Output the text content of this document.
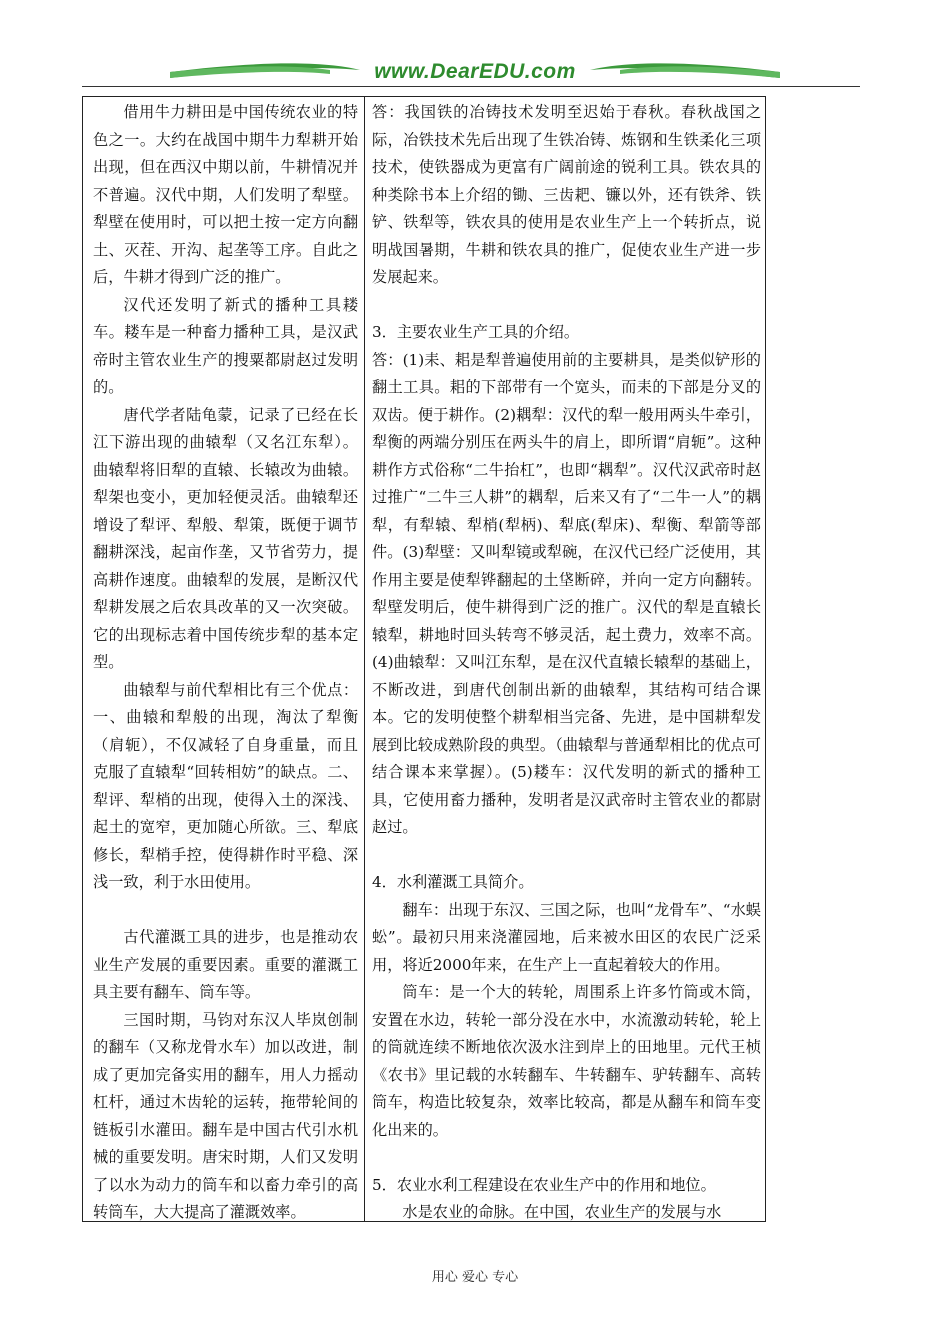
www.DearEDU.com

借用牛力耕田是中国传统农业的特色之一。大约在战国中期牛力犁耕开始出现，但在西汉中期以前，牛耕情况并不普遍。汉代中期，人们发明了犁壁。犁壁在使用时，可以把土按一定方向翻土、灭茬、开沟、起垄等工序。自此之后，牛耕才得到广泛的推广。

汉代还发明了新式的播种工具耧车。耧车是一种畜力播种工具，是汉武帝时主管农业生产的搜粟都尉赵过发明的。

唐代学者陆龟蒙，记录了已经在长江下游出现的曲辕犁（又名江东犁）。曲辕犁将旧犁的直辕、长辕改为曲辕。犁架也变小，更加轻便灵活。曲辕犁还增设了犁评、犁般、犁策，既便于调节翻耕深浅，起亩作垄，又节省劳力，提高耕作速度。曲辕犁的发展，是断汉代犁耕发展之后农具改革的又一次突破。它的出现标志着中国传统步犁的基本定型。

曲辕犁与前代犁相比有三个优点：一、曲辕和犁般的出现，淘汰了犁衡（肩轭），不仅减轻了自身重量，而且克服了直辕犁“回转相妨”的缺点。二、犁评、犁梢的出现，使得入土的深浅、起土的宽窄，更加随心所欲。三、犁底修长，犁梢手控，使得耕作时平稳、深浅一致，利于水田使用。

古代灌溉工具的进步，也是推动农业生产发展的重要因素。重要的灌溉工具主要有翻车、筒车等。

三国时期，马钧对东汉人毕岚创制的翻车（又称龙骨水车）加以改进，制成了更加完备实用的翻车，用人力摇动杠杆，通过木齿轮的运转，拖带轮间的链板引水灌田。翻车是中国古代引水机械的重要发明。唐宋时期，人们又发明了以水为动力的筒车和以畜力牵引的高转筒车，大大提高了灌溉效率。

答：我国铁的冶铸技术发明至迟始于春秋。春秋战国之际，冶铁技术先后出现了生铁冶铸、炼钢和生铁柔化三项技术，使铁器成为更富有广阔前途的锐利工具。铁农具的种类除书本上介绍的锄、三齿耙、镰以外，还有铁斧、铁铲、铁犁等，铁农具的使用是农业生产上一个转折点，说明战国暑期，牛耕和铁农具的推广，促使农业生产进一步发展起来。

3．主要农业生产工具的介绍。

答：(1)耒、耜是犁普遍使用前的主要耕具，是类似铲形的翻土工具。耜的下部带有一个宽头，而耒的下部是分叉的双齿。便于耕作。(2)耦犁：汉代的犁一般用两头牛牵引，犁衡的两端分别压在两头牛的肩上，即所谓“肩轭”。这种耕作方式俗称“二牛抬杠”，也即“耦犁”。汉代汉武帝时赵过推广“二牛三人耕”的耦犁，后来又有了“二牛一人”的耦犁，有犁辕、犁梢(犁柄)、犁底(犁床)、犁衡、犁箭等部件。(3)犁壁：又叫犁镜或犁碗，在汉代已经广泛使用，其作用主要是使犁铧翻起的土垡断碎，并向一定方向翻转。犁壁发明后，使牛耕得到广泛的推广。汉代的犁是直辕长辕犁，耕地时回头转弯不够灵活，起土费力，效率不高。(4)曲辕犁：又叫江东犁，是在汉代直辕长辕犁的基础上，不断改进，到唐代创制出新的曲辕犁，其结构可结合课本。它的发明使整个耕犁相当完备、先进，是中国耕犁发展到比较成熟阶段的典型。（曲辕犁与普通犁相比的优点可结合课本来掌握）。(5)耧车：汉代发明的新式的播种工具，它使用畜力播种，发明者是汉武帝时主管农业的都尉赵过。

4．水利灌溉工具简介。

翻车：出现于东汉、三国之际，也叫“龙骨车”、“水蜈蚣”。最初只用来浇灌园地，后来被水田区的农民广泛采用，将近2000年来，在生产上一直起着较大的作用。

筒车：是一个大的转轮，周围系上许多竹筒或木筒，安置在水边，转轮一部分没在水中，水流激动转轮，轮上的筒就连续不断地依次汲水注到岸上的田地里。元代王桢《农书》里记载的水转翻车、牛转翻车、驴转翻车、高转筒车，构造比较复杂，效率比较高，都是从翻车和筒车变化出来的。

5．农业水利工程建设在农业生产中的作用和地位。

水是农业的命脉。在中国，农业生产的发展与水

用心 爱心 专心
